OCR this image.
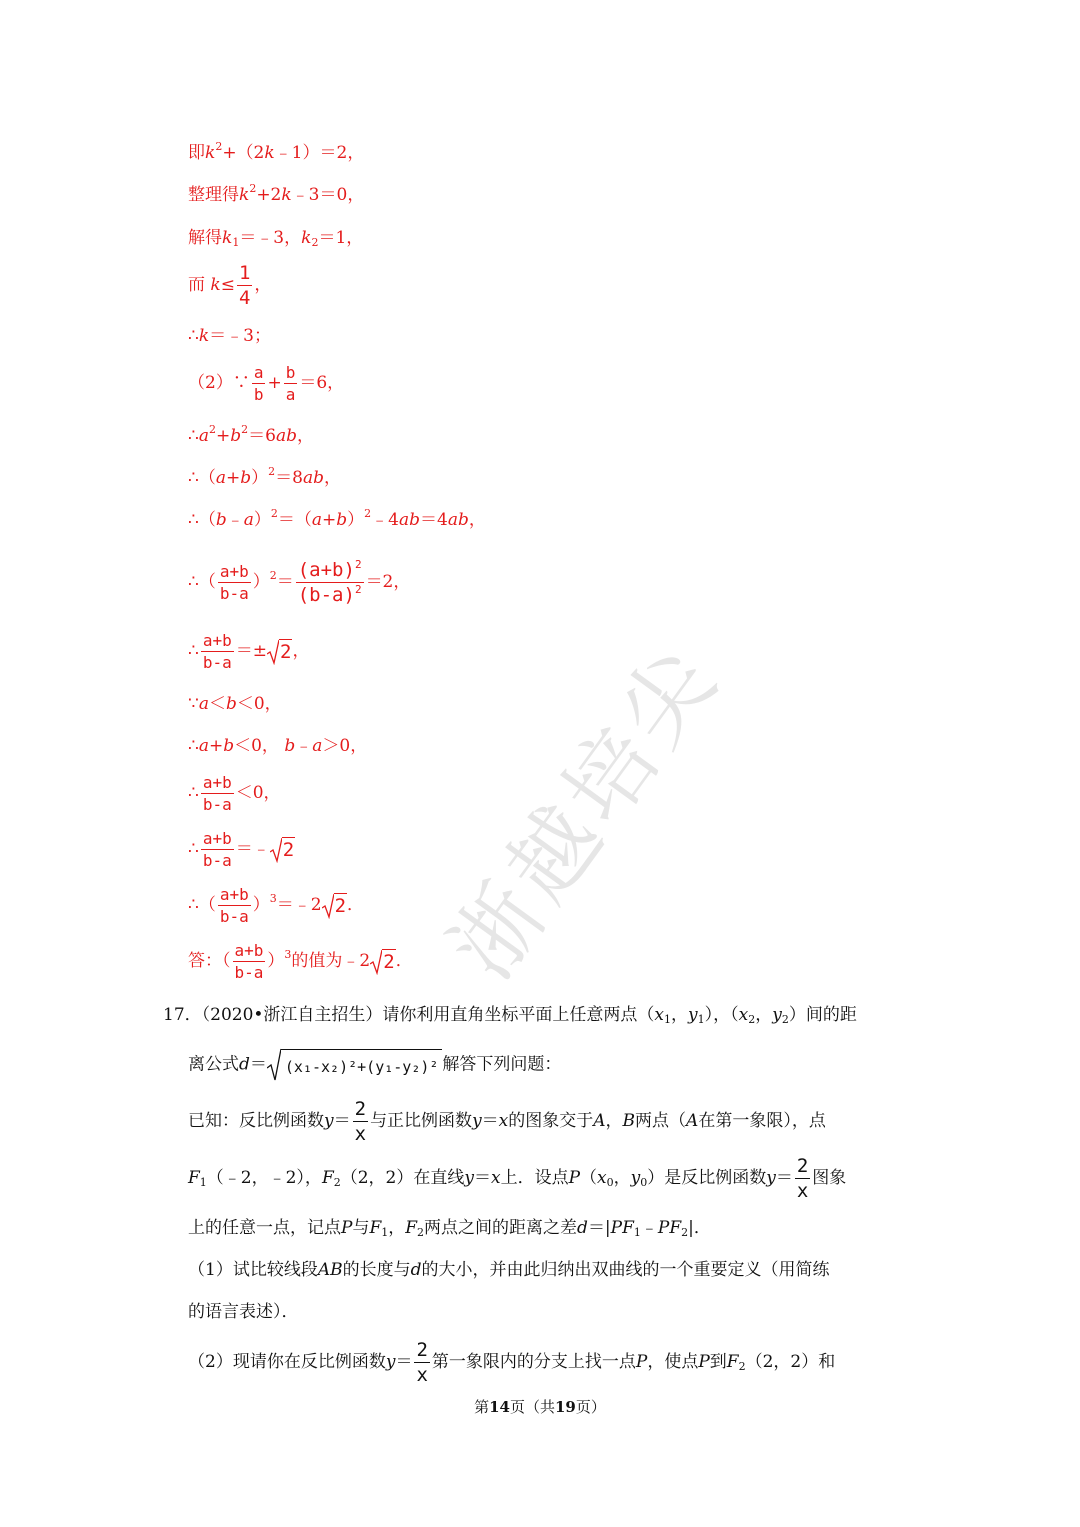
浙越培尖
即$k^2+(2k﹣1)=2$，
整理得$k^2+2k﹣3=0$，
解得$k_1=﹣3$，$k_2=1$，
而 $k\le \frac{1}{4}$ ，
∴k＝﹣3；
（2）∵ $\frac{a}{b} + \frac{b}{a} =6$，
$\therefore a^2+b^2=6ab$，
$\therefore(a+b)^2=8ab$，
$\therefore(b﹣a)^2=(a+b)^2﹣4ab=4ab$，
∴（ $\frac{a+b}{b-a} )^2= \frac{(a+b)^2}{(b-a)^2} =2$，
∴ $\frac{a+b}{b-a} =\pm 2$，
∵a＜b＜0，
∴a+b＜0， b﹣a＞0，
∴ $\frac{a+b}{b-a} <0$，
∴ $\frac{a+b}{b-a}$ ＝﹣ 2
∴（ $\frac{a+b}{b-a}$ ）$^3$＝﹣2 2．
答：（ $\frac{a+b}{b-a} )^3$的值为﹣2 2．
17．（2020•浙江自主招生）请你利用直角坐标平面上任意两点（$x_1$，$y_1$），（$x_2$，$y_2$）间的距
离公式d＝ (x₁-x₂)²+(y₁-y₂)² 解答下列问题：
已知：反比例函数$y= \frac{2}{x}$ 与正比例函数y＝x的图象交于A，B两点（A在第一象限），点
$F_1(﹣2$，﹣2），$F_2(2$，2）在直线y＝x上．设点$P(x_0$，$y_0$）是反比例函数$y= \frac{2}{x}$ 图象
上的任意一点，记点P与$F_1$，$F_2$两点之间的距离之差$d=|PF_1﹣PF_2|$．
（1）试比较线段AB的长度与d的大小，并由此归纳出双曲线的一个重要定义（用简练
的语言表述）．
（2）现请你在反比例函数$y= \frac{2}{x}$ 第一象限内的分支上找一点P，使点P到$F_2(2$，2）和
第14页（共19页）
